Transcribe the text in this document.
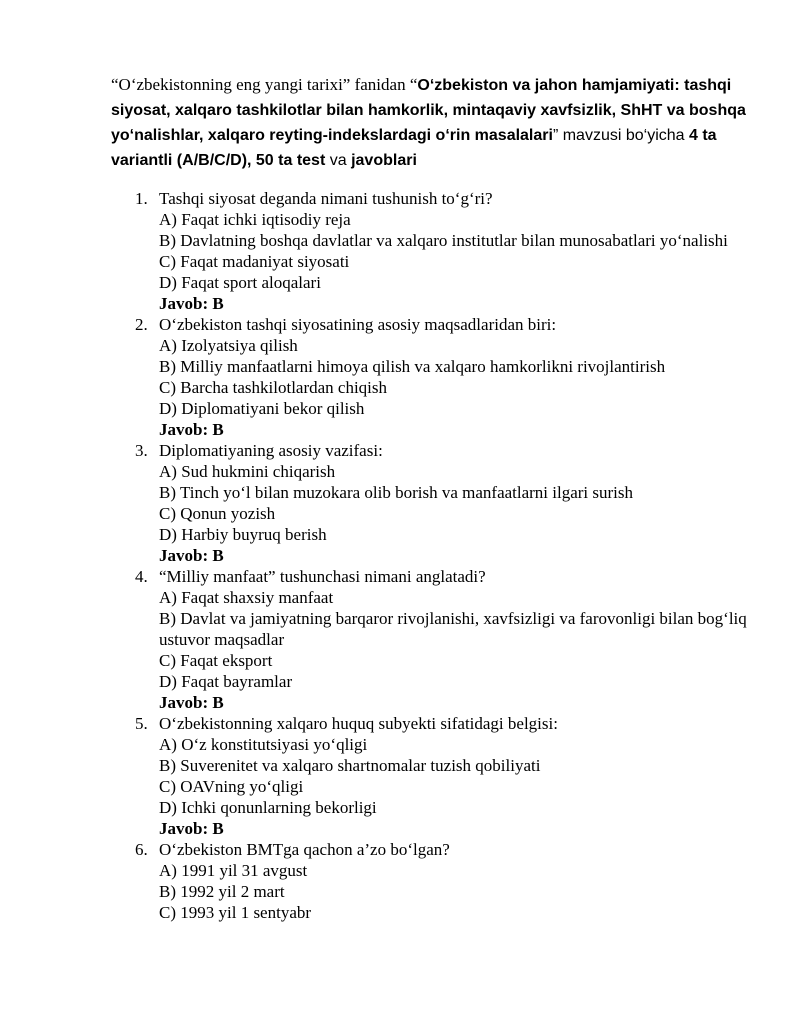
“O‘zbekistonning eng yangi tarixi” fanidan “O‘zbekiston va jahon hamjamiyati: tashqi siyosat, xalqaro tashkilotlar bilan hamkorlik, mintaqaviy xavfsizlik, ShHT va boshqa yo‘nalishlar, xalqaro reyting-indekslardagi o‘rin masalalari” mavzusi bo‘yicha 4 ta variantli (A/B/C/D), 50 ta test va javoblari
1. Tashqi siyosat deganda nimani tushunish to‘g‘ri?
A) Faqat ichki iqtisodiy reja
B) Davlatning boshqa davlatlar va xalqaro institutlar bilan munosabatlari yo‘nalishi
C) Faqat madaniyat siyosati
D) Faqat sport aloqalari
Javob: B
2. O‘zbekiston tashqi siyosatining asosiy maqsadlaridan biri:
A) Izolyatsiya qilish
B) Milliy manfaatlarni himoya qilish va xalqaro hamkorlikni rivojlantirish
C) Barcha tashkilotlardan chiqish
D) Diplomatiyani bekor qilish
Javob: B
3. Diplomatiyaning asosiy vazifasi:
A) Sud hukmini chiqarish
B) Tinch yo‘l bilan muzokara olib borish va manfaatlarni ilgari surish
C) Qonun yozish
D) Harbiy buyruq berish
Javob: B
4. “Milliy manfaat” tushunchasi nimani anglatadi?
A) Faqat shaxsiy manfaat
B) Davlat va jamiyatning barqaror rivojlanishi, xavfsizligi va farovonligi bilan bog‘liq ustuvor maqsadlar
C) Faqat eksport
D) Faqat bayramlar
Javob: B
5. O‘zbekistonning xalqaro huquq subyekti sifatidagi belgisi:
A) O‘z konstitutsiyasi yo‘qligi
B) Suverenitet va xalqaro shartnomalar tuzish qobiliyati
C) OAVning yo‘qligi
D) Ichki qonunlarning bekorligi
Javob: B
6. O‘zbekiston BMTga qachon a’zo bo‘lgan?
A) 1991 yil 31 avgust
B) 1992 yil 2 mart
C) 1993 yil 1 sentyabr
